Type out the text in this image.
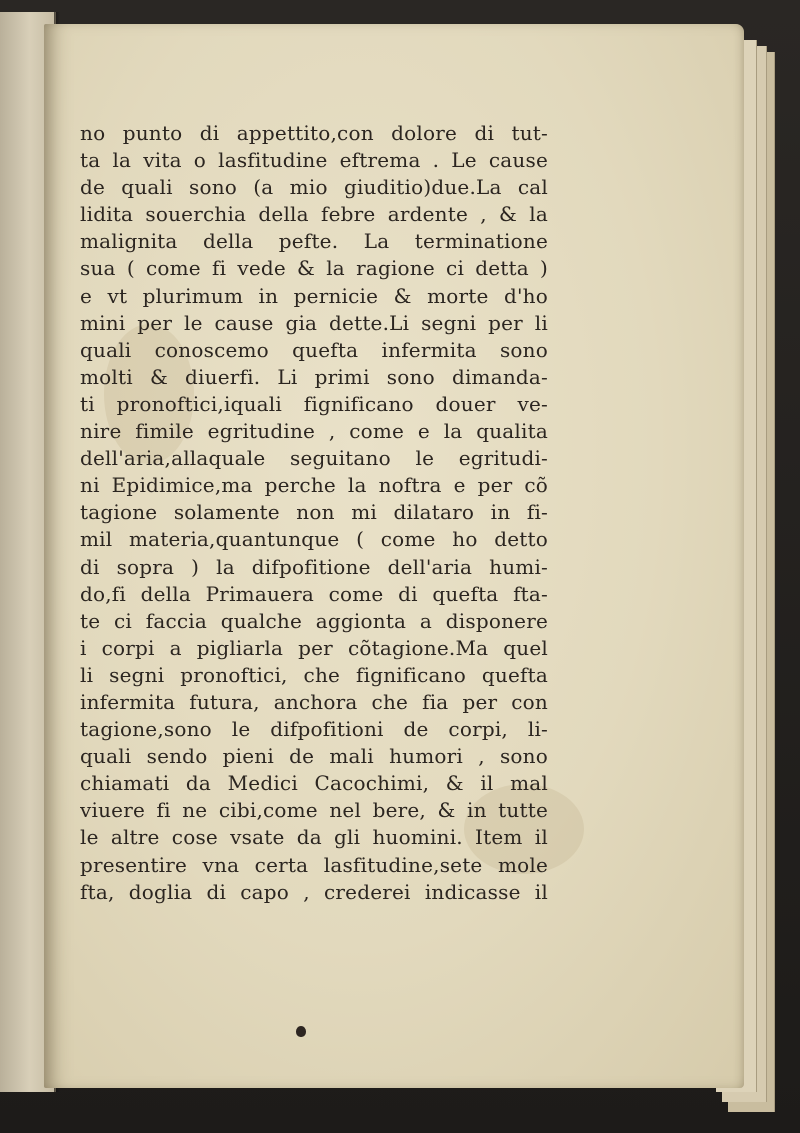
no punto di appettito,con dolore di tut-
ta la vita o lasfitudine eftrema . Le cause
de quali sono (a mio giuditio)due.La cal
lidita souerchia della febre ardente , & la
malignita della pefte. La terminatione
sua ( come fi vede & la ragione ci detta )
e vt plurimum in pernicie & morte d'ho
mini per le cause gia dette.Li segni per li
quali conoscemo quefta infermita sono
molti & diuerfi. Li primi sono dimanda-
ti pronoftici,iquali fignificano douer ve-
nire fimile egritudine , come e la qualita
dell'aria,allaquale seguitano le egritudi-
ni Epidimice,ma perche la noftra e per cõ
tagione solamente non mi dilataro in fi-
mil materia,quantunque ( come ho detto
di sopra ) la difpofitione dell'aria humi-
do,fi della Primauera come di quefta fta-
te ci faccia qualche aggionta a disponere
i corpi a pigliarla per cõtagione.Ma quel
li segni pronoftici, che fignificano quefta
infermita futura, anchora che fia per con
tagione,sono le difpofitioni de corpi, li-
quali sendo pieni de mali humori , sono
chiamati da Medici Cacochimi, & il mal
viuere fi ne cibi,come nel bere, & in tutte
le altre cose vsate da gli huomini. Item il
presentire vna certa lasfitudine,sete mole
fta, doglia di capo , crederei indicasse il
